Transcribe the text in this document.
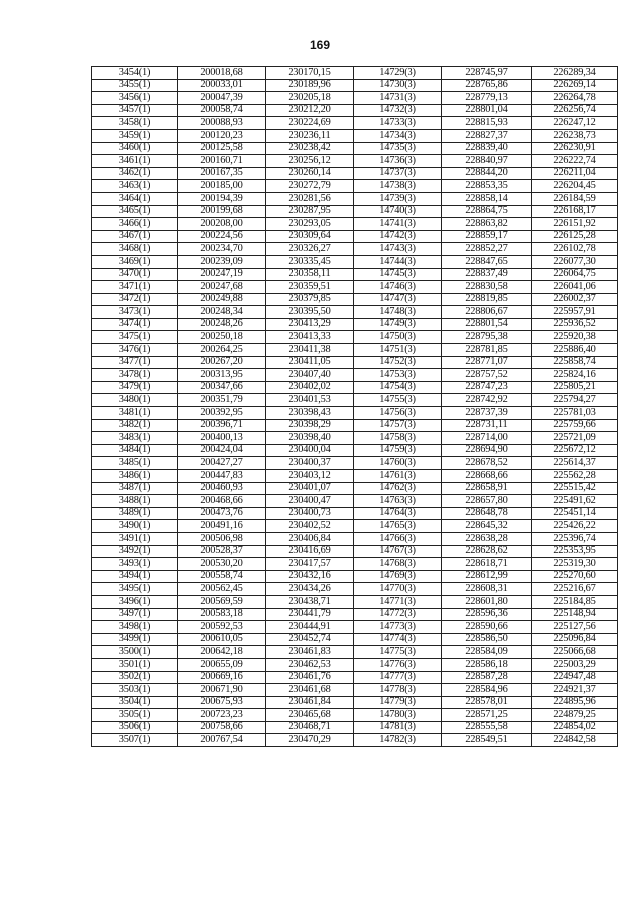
169
3454(1)	200018,68	230170,15	14729(3)	228745,97	226289,34
3455(1)	200033,01	230189,96	14730(3)	228765,86	226269,14
3456(1)	200047,39	230205,18	14731(3)	228779,13	226264,78
3457(1)	200058,74	230212,20	14732(3)	228801,04	226256,74
3458(1)	200088,93	230224,69	14733(3)	228815,93	226247,12
3459(1)	200120,23	230236,11	14734(3)	228827,37	226238,73
3460(1)	200125,58	230238,42	14735(3)	228839,40	226230,91
3461(1)	200160,71	230256,12	14736(3)	228840,97	226222,74
3462(1)	200167,35	230260,14	14737(3)	228844,20	226211,04
3463(1)	200185,00	230272,79	14738(3)	228853,35	226204,45
3464(1)	200194,39	230281,56	14739(3)	228858,14	226184,59
3465(1)	200199,68	230287,95	14740(3)	228864,75	226168,17
3466(1)	200208,00	230293,05	14741(3)	228863,82	226151,92
3467(1)	200224,56	230309,64	14742(3)	228859,17	226125,28
3468(1)	200234,70	230326,27	14743(3)	228852,27	226102,78
3469(1)	200239,09	230335,45	14744(3)	228847,65	226077,30
3470(1)	200247,19	230358,11	14745(3)	228837,49	226064,75
3471(1)	200247,68	230359,51	14746(3)	228830,58	226041,06
3472(1)	200249,88	230379,85	14747(3)	228819,85	226002,37
3473(1)	200248,34	230395,50	14748(3)	228806,67	225957,91
3474(1)	200248,26	230413,29	14749(3)	228801,54	225936,52
3475(1)	200250,18	230413,33	14750(3)	228795,38	225920,38
3476(1)	200264,25	230411,38	14751(3)	228781,85	225886,40
3477(1)	200267,20	230411,05	14752(3)	228771,07	225858,74
3478(1)	200313,95	230407,40	14753(3)	228757,52	225824,16
3479(1)	200347,66	230402,02	14754(3)	228747,23	225805,21
3480(1)	200351,79	230401,53	14755(3)	228742,92	225794,27
3481(1)	200392,95	230398,43	14756(3)	228737,39	225781,03
3482(1)	200396,71	230398,29	14757(3)	228731,11	225759,66
3483(1)	200400,13	230398,40	14758(3)	228714,00	225721,09
3484(1)	200424,04	230400,04	14759(3)	228694,90	225672,12
3485(1)	200427,27	230400,37	14760(3)	228678,52	225614,37
3486(1)	200447,83	230403,12	14761(3)	228668,66	225562,28
3487(1)	200460,93	230401,07	14762(3)	228658,91	225515,42
3488(1)	200468,66	230400,47	14763(3)	228657,80	225491,62
3489(1)	200473,76	230400,73	14764(3)	228648,78	225451,14
3490(1)	200491,16	230402,52	14765(3)	228645,32	225426,22
3491(1)	200506,98	230406,84	14766(3)	228638,28	225396,74
3492(1)	200528,37	230416,69	14767(3)	228628,62	225353,95
3493(1)	200530,20	230417,57	14768(3)	228618,71	225319,30
3494(1)	200558,74	230432,16	14769(3)	228612,99	225270,60
3495(1)	200562,45	230434,26	14770(3)	228608,31	225216,67
3496(1)	200569,59	230438,71	14771(3)	228601,80	225184,85
3497(1)	200583,18	230441,79	14772(3)	228596,36	225148,94
3498(1)	200592,53	230444,91	14773(3)	228590,66	225127,56
3499(1)	200610,05	230452,74	14774(3)	228586,50	225096,84
3500(1)	200642,18	230461,83	14775(3)	228584,09	225066,68
3501(1)	200655,09	230462,53	14776(3)	228586,18	225003,29
3502(1)	200669,16	230461,76	14777(3)	228587,28	224947,48
3503(1)	200671,90	230461,68	14778(3)	228584,96	224921,37
3504(1)	200675,93	230461,84	14779(3)	228578,01	224895,96
3505(1)	200723,23	230465,68	14780(3)	228571,25	224879,25
3506(1)	200758,66	230468,71	14781(3)	228555,58	224854,02
3507(1)	200767,54	230470,29	14782(3)	228549,51	224842,58
